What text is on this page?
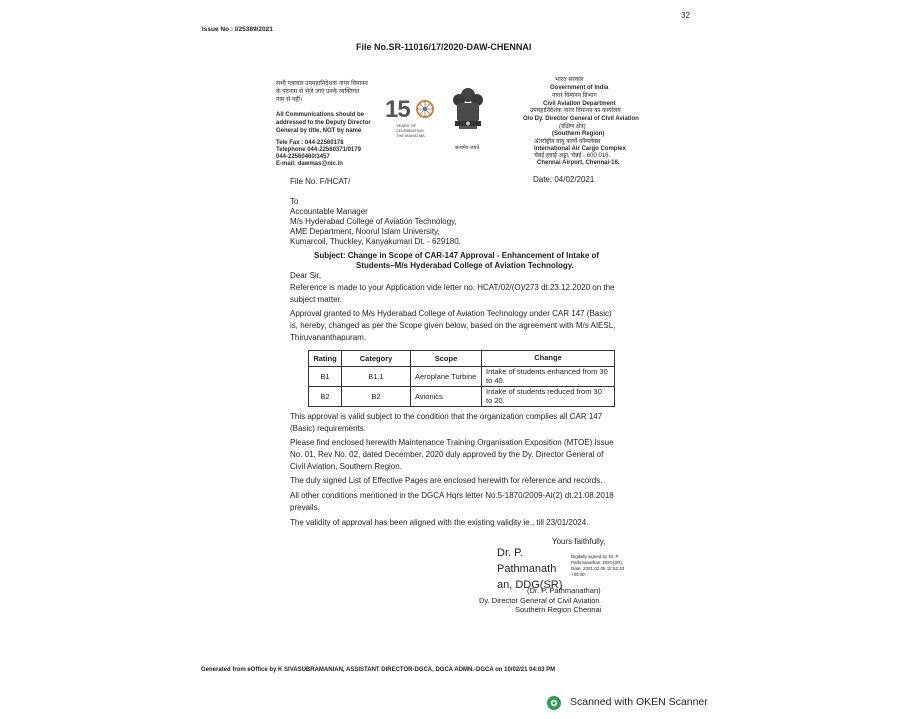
32
Issue No : I/25389/2021
File No.SR-11016/17/2020-DAW-CHENNAI
सभी पत्राचार उपमहानिदेशक नागर विमानन
के पदनाम से भेजे जाएं उनके व्यक्तिगत
नाम से नहीं।
All Communications should be
addressed to the Deputy Director
General by title, NOT by name
Tele Fax : 044-22560178
Telephone 044-22560371/0179
044-22560460/3457
E-mail: dawmas@nic.in
15
YEARS OF
CELEBRATING
THE MAHATMA
सत्यमेव जयते
भारत सरकार
Government of India
नागर विमानन विभाग
Civil Aviation Department
उपमहानिदेशक नागर विमानन का कार्यालय
O/o Dy. Director General of Civil Aviation
(दक्षिण क्षेत्र)
(Southern Region)
अंतर्राष्ट्रीय वायु कार्गो कॉम्प्लेक्स
International Air Cargo Complex
चेन्नई हवाई अड्डा, चेन्नई - 600 016.
Chennai Airport, Chennai-16.
File No. F/HCAT/	Date: 04/02/2021
To
Accountable Manager
M/s Hyderabad College of Aviation Technology,
AME Department, Noorul Islam University,
Kumarcoil, Thuckley, Kanyakumari Dt. - 629180.
Subject: Change in Scope of CAR-147 Approval - Enhancement of Intake of
Students–M/s Hyderabad College of Aviation Technology.
Dear Sir,
Reference is made to your Application vide letter no. HCAT/02/(O)/273 dt.23.12.2020 on the
subject matter.
Approval granted to M/s Hyderabad College of Aviation Technology under CAR 147 (Basic)
is, hereby, changed as per the Scope given below, based on the agreement with M/s AIESL,
Thiruvananthapuram.
Rating	Category	Scope	Change
B1	B1.1	Aeroplane Turbine	Intake of students enhanced from 30 to 40.
B2	B2	Avionics	Intake of students reduced from 30 to 20.
This approval is valid subject to the condition that the organization complies all CAR 147
(Basic) requirements.
Please find enclosed herewith Maintenance Training Organisation Exposition (MTOE) Issue
No. 01, Rev No. 02, dated December, 2020 duly approved by the Dy. Director General of
Civil Aviation, Southern Region.
The duly signed List of Effective Pages are enclosed herewith for reference and records.
All other conditions mentioned in the DGCA Hqrs letter No.5-1870/2009-AI(2) dt.21.08.2018
prevails.
The validity of approval has been aligned with the existing validity ie., till 23/01/2024.
Yours faithfully,
Dr. P.
Pathmanath
an, DDG(SR)
Digitally signed by Dr. P.
Pathmanathan, DDG(SR)
Date: 2021.02.05 12:52:43
+05'30'
(Dr. P. Pathmanathan)
Dy. Director General of Civil Aviation
Southern Region Chennai
Generated from eOffice by K SIVASUBRAMANIAN, ASSISTANT DIRECTOR-DGCA, DGCA ADMN.-DGCA on 10/02/21 04:03 PM
Scanned with OKEN Scanner
